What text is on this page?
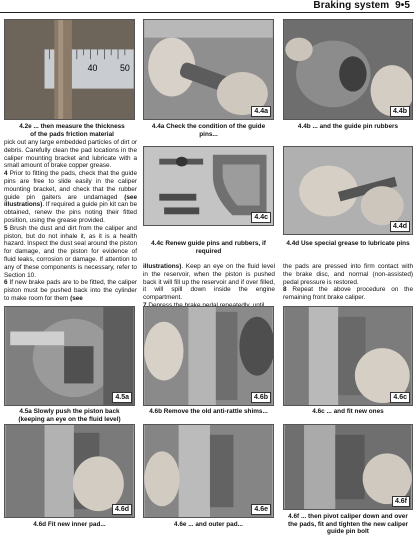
Braking system 9•5
40	50
4.2e ... then measure the thickness of the pads friction material
4.4a
4.4a Check the condition of the guide pins...
4.4b
4.4b ... and the guide pin rubbers

pick out any large embedded particles of dirt or debris. Carefully clean the pad locations in the caliper mounting bracket and lubricate with a small amount of brake copper grease.

4 Prior to fitting the pads, check that the guide pins are free to slide easily in the caliper mounting bracket, and check that the rubber guide pin gaiters are undamaged (see illustrations). If required a guide pin kit can be obtained, renew the pins noting their fitted position, using the grease provided.

5 Brush the dust and dirt from the caliper and piston, but do not inhale it, as it is a health hazard. Inspect the dust seal around the piston for damage, and the piston for evidence of fluid leaks, corrosion or damage. If attention to any of these components is necessary, refer to Section 10.

6 If new brake pads are to be fitted, the caliper piston must be pushed back into the cylinder to make room for them (see

4.4c
4.4c Renew guide pins and rubbers, if required
4.4d
4.4d Use special grease to lubricate pins

illustrations). Keep an eye on the fluid level in the reservoir, when the piston is pushed back it will fill up the reservoir and if over filled, it will spill down inside the engine compartment.

the pads are pressed into firm contact with the brake disc, and normal (non-assisted) pedal pressure is restored.

8 Repeat the above procedure on the remaining front brake caliper.

4.5a
4.5a Slowly push the piston back (keeping an eye on the fluid level)
4.6b
4.6b Remove the old anti-rattle shims...
4.6c
4.6c ... and fit new ones
4.6d
4.6d Fit new inner pad...
4.6e
4.6e ... and outer pad...
4.6f
4.6f ... then pivot caliper down and over the pads, fit and tighten the new caliper guide pin bolt
